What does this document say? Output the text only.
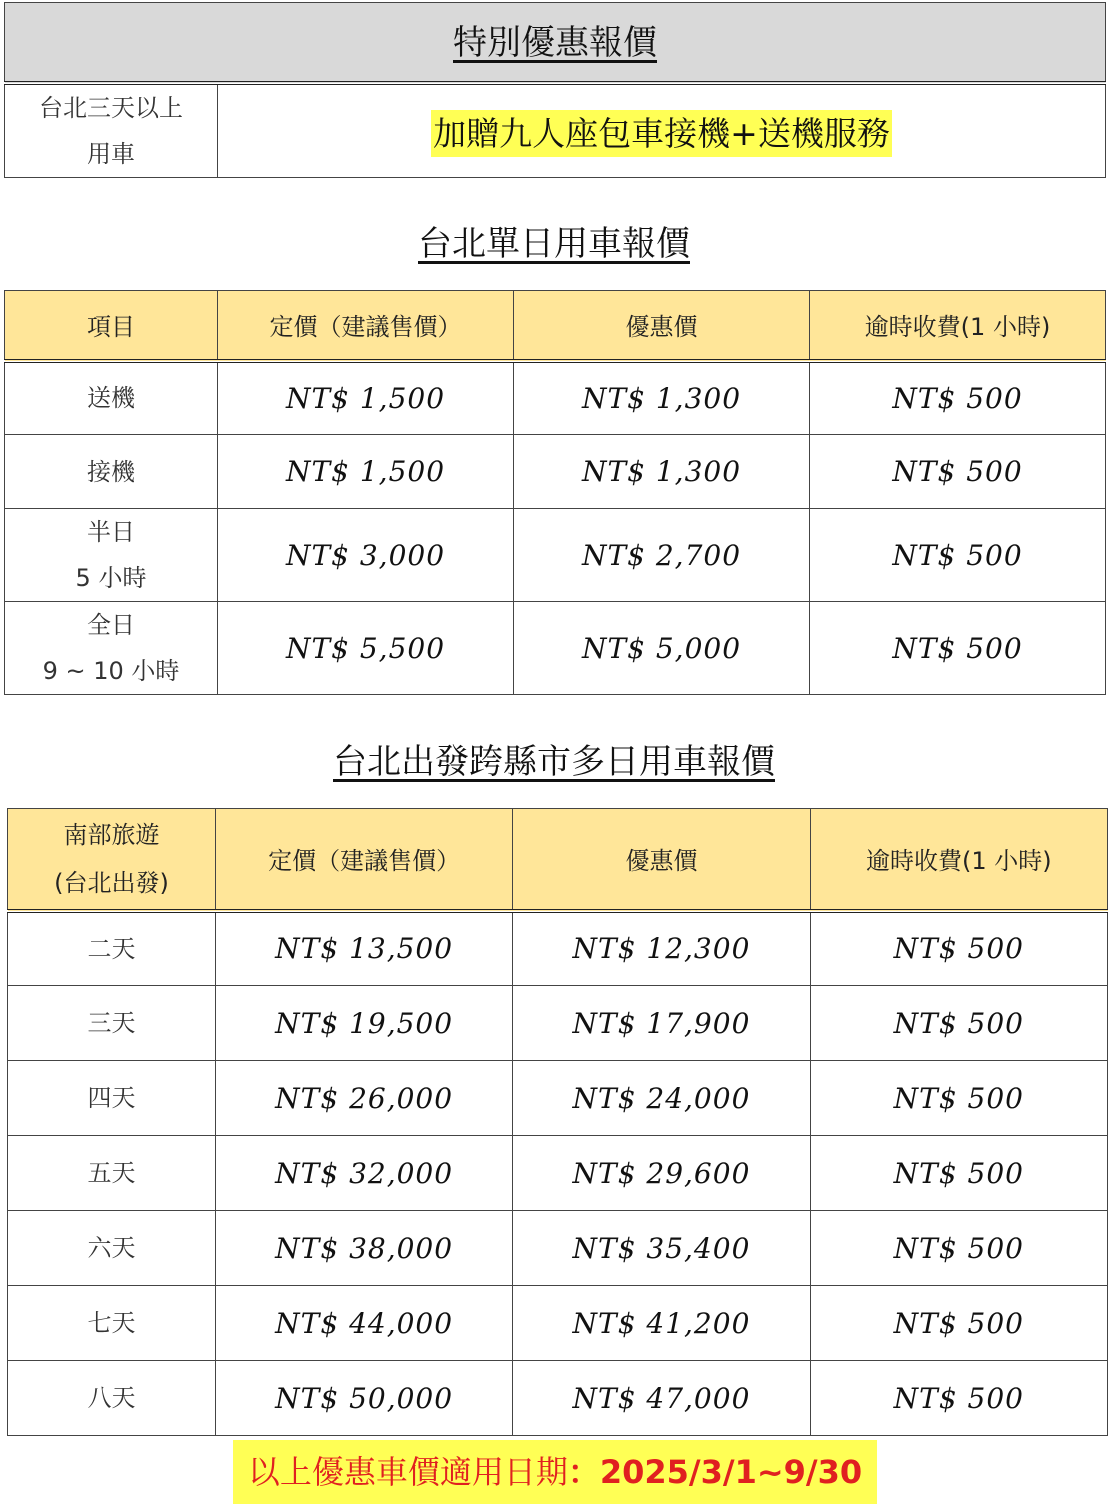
特別優惠報價

台北三天以上
用車
	加贈九人座包車接機+送機服務
台北單日用車報價
項目	定價（建議售價）	優惠價	逾時收費(1 小時)

送機	NT$ 1,500	NT$ 1,300	NT$ 500

接機	NT$ 1,500	NT$ 1,300	NT$ 500

半日
5 小時	NT$ 3,000	NT$ 2,700	NT$ 500

全日
9 ~ 10 小時	NT$ 5,500	NT$ 5,000	NT$ 500
台北出發跨縣市多日用車報價
南部旅遊
(台北出發)	定價（建議售價）	優惠價	逾時收費(1 小時)
二天	NT$ 13,500	NT$ 12,300	NT$ 500
三天	NT$ 19,500	NT$ 17,900	NT$ 500
四天	NT$ 26,000	NT$ 24,000	NT$ 500
五天	NT$ 32,000	NT$ 29,600	NT$ 500
六天	NT$ 38,000	NT$ 35,400	NT$ 500
七天	NT$ 44,000	NT$ 41,200	NT$ 500
八天	NT$ 50,000	NT$ 47,000	NT$ 500
以上優惠車價適用日期：2025/3/1~9/30
